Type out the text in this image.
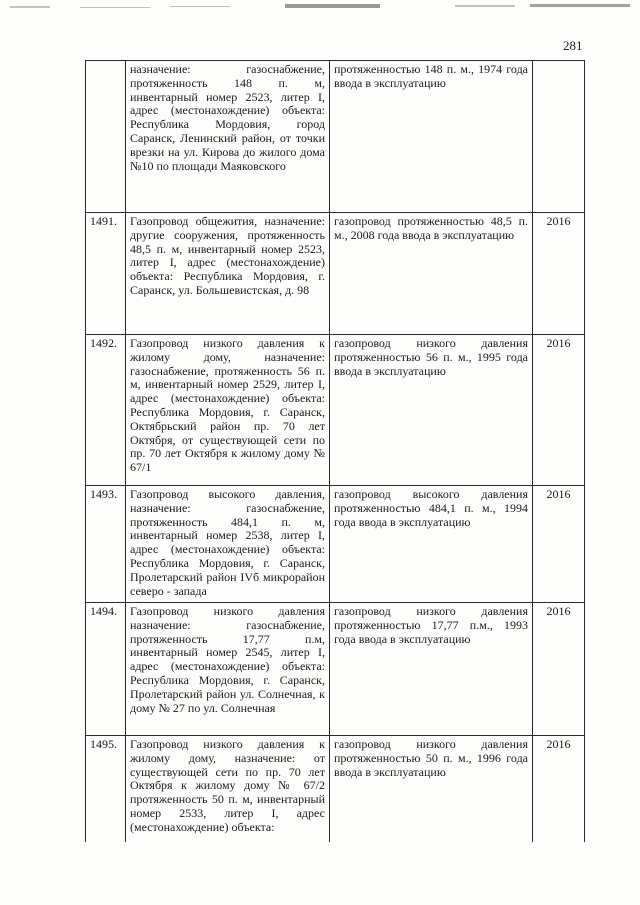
281
	назначение: газоснабжение, протяженность 148 п. м, инвентарный номер 2523, литер I, адрес (местонахождение) объекта: Республика Мордовия, город Саранск, Ленинский район, от точки врезки на ул. Кирова до жилого дома №10 по площади Маяковского	протяженностью 148 п. м., 1974 года ввода в эксплуатацию	
1491.	Газопровод общежития, назначение: другие сооружения, протяженность 48,5 п. м, инвентарный номер 2523, литер I, адрес (местонахождение) объекта: Республика Мордовия, г. Саранск, ул. Большевистская, д. 98	газопровод протяженностью 48,5 п. м., 2008 года ввода в эксплуатацию	2016
1492.	Газопровод низкого давления к жилому дому, назначение: газоснабжение, протяженность 56 п. м, инвентарный номер 2529, литер I, адрес (местонахождение) объекта: Республика Мордовия, г. Саранск, Октябрьский район пр. 70 лет Октября, от существующей сети по пр. 70 лет Октября к жилому дому № 67/1	газопровод низкого давления протяженностью 56 п. м., 1995 года ввода в эксплуатацию	2016
1493.	Газопровод высокого давления, назначение: газоснабжение, протяженность 484,1 п. м, инвентарный номер 2538, литер I, адрес (местонахождение) объекта: Республика Мордовия, г. Саранск, Пролетарский район IVб микрорайон северо - запада	газопровод высокого давления протяженностью 484,1 п. м., 1994 года ввода в эксплуатацию	2016
1494.	Газопровод низкого давления назначение: газоснабжение, протяженность 17,77 п.м, инвентарный номер 2545, литер I, адрес (местонахождение) объекта: Республика Мордовия, г. Саранск, Пролетарский район ул. Солнечная, к дому № 27 по ул. Солнечная	газопровод низкого давления протяженностью 17,77 п.м., 1993 года ввода в эксплуатацию	2016
1495.	Газопровод низкого давления к жилому дому, назначение: от существующей сети по пр. 70 лет Октября к жилому дому № 67/2 протяженность 50 п. м, инвентарный номер 2533, литер I, адрес (местонахождение) объекта:	газопровод низкого давления протяженностью 50 п. м., 1996 года ввода в эксплуатацию	2016
